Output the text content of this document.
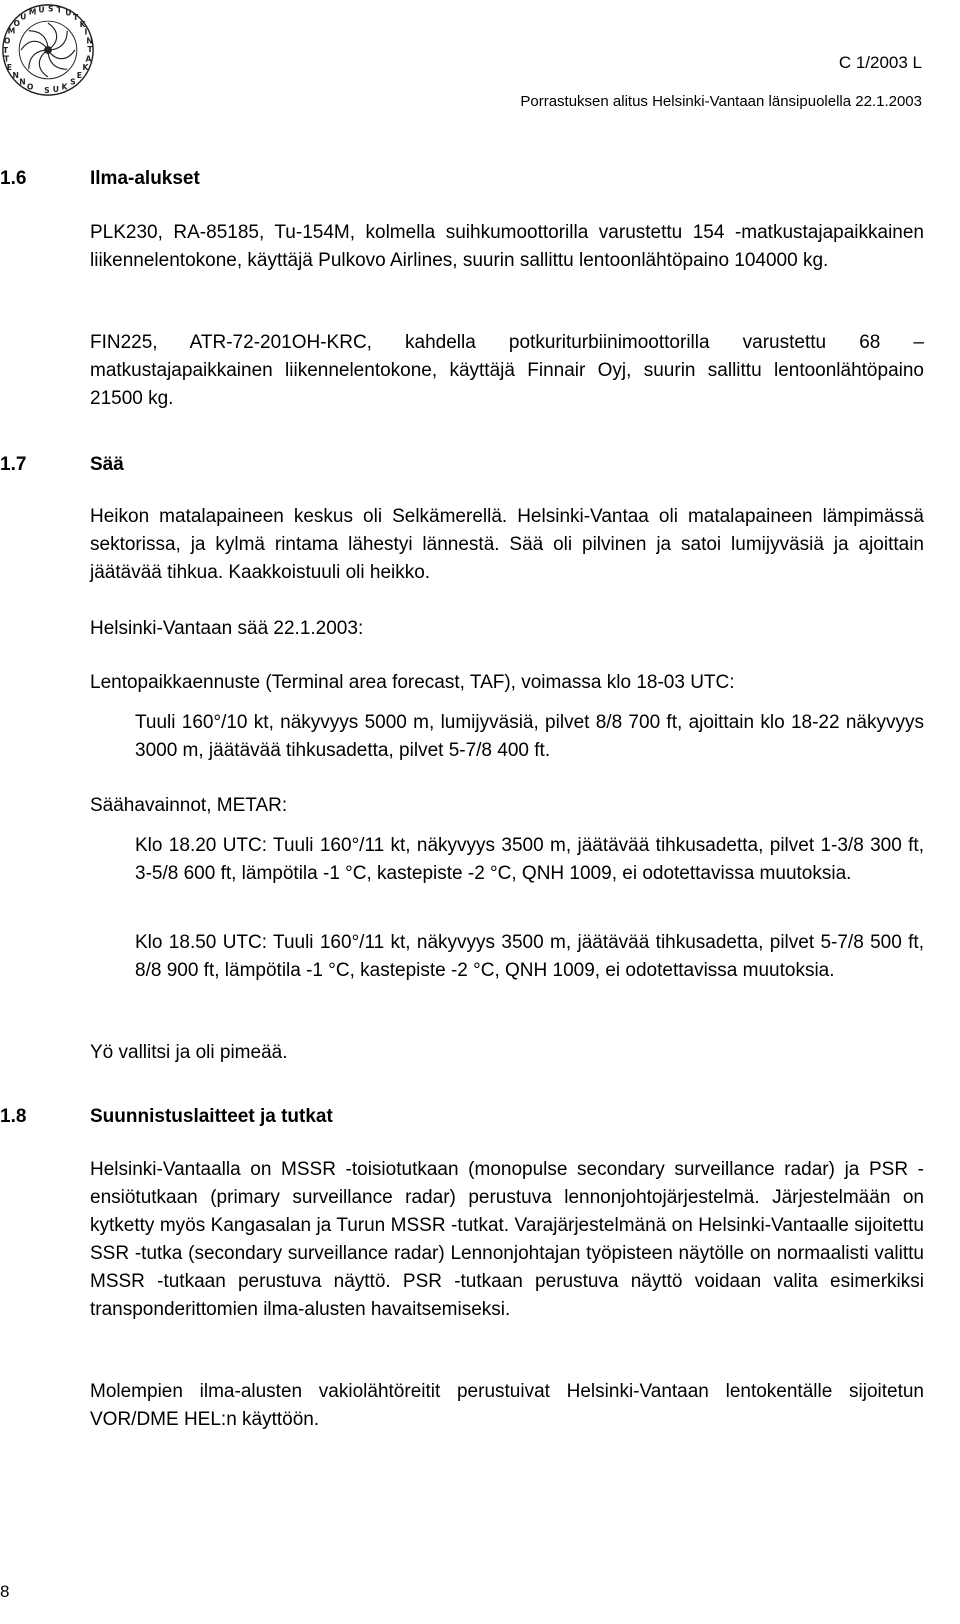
U S T U
T
K
I
N
T
A
K
E
S
K
U
S
M
U
O
M
O
T
T
E
N
N
O
C 1/2003 L
Porrastuksen alitus Helsinki-Vantaan länsipuolella 22.1.2003
1.6	Ilma-alukset

PLK230, RA-85185, Tu-154M, kolmella suihkumoottorilla varustettu 154 -matkustajapaikkainen liikennelentokone, käyttäjä Pulkovo Airlines, suurin sallittu lentoonlähtöpaino 104000 kg.

FIN225, ATR-72-201OH-KRC, kahdella potkuriturbiinimoottorilla varustettu 68 –matkustajapaikkainen liikennelentokone, käyttäjä Finnair Oyj, suurin sallittu lentoonlähtöpaino 21500 kg.

1.7	Sää

Heikon matalapaineen keskus oli Selkämerellä. Helsinki-Vantaa oli matalapaineen lämpimässä sektorissa, ja kylmä rintama lähestyi lännestä. Sää oli pilvinen ja satoi lumijyväsiä ja ajoittain jäätävää tihkua. Kaakkoistuuli oli heikko.

Helsinki-Vantaan sää 22.1.2003:

Lentopaikkaennuste (Terminal area forecast, TAF), voimassa klo 18-03 UTC:

Tuuli 160°/10 kt, näkyvyys 5000 m, lumijyväsiä, pilvet 8/8 700 ft, ajoittain klo 18-22 näkyvyys 3000 m, jäätävää tihkusadetta, pilvet 5-7/8 400 ft.

Säähavainnot, METAR:

Klo 18.20 UTC: Tuuli 160°/11 kt, näkyvyys 3500 m, jäätävää tihkusadetta, pilvet 1-3/8 300 ft, 3-5/8 600 ft, lämpötila -1 °C, kastepiste -2 °C, QNH 1009, ei odotettavissa muutoksia.

Klo 18.50 UTC: Tuuli 160°/11 kt, näkyvyys 3500 m, jäätävää tihkusadetta, pilvet 5-7/8 500 ft, 8/8 900 ft, lämpötila -1 °C, kastepiste -2 °C, QNH 1009, ei odotettavissa muutoksia.

Yö vallitsi ja oli pimeää.

1.8	Suunnistuslaitteet ja tutkat

Helsinki-Vantaalla on MSSR -toisiotutkaan (monopulse secondary surveillance radar) ja PSR -ensiötutkaan (primary surveillance radar) perustuva lennonjohtojärjestelmä. Järjestelmään on kytketty myös Kangasalan ja Turun MSSR -tutkat. Varajärjestelmänä on Helsinki-Vantaalle sijoitettu SSR -tutka (secondary surveillance radar) Lennonjohtajan työpisteen näytölle on normaalisti valittu MSSR -tutkaan perustuva näyttö. PSR -tutkaan perustuva näyttö voidaan valita esimerkiksi transponderittomien ilma-alusten havaitsemiseksi.

Molempien ilma-alusten vakiolähtöreitit perustuivat Helsinki-Vantaan lentokentälle sijoitetun VOR/DME HEL:n käyttöön.

8
